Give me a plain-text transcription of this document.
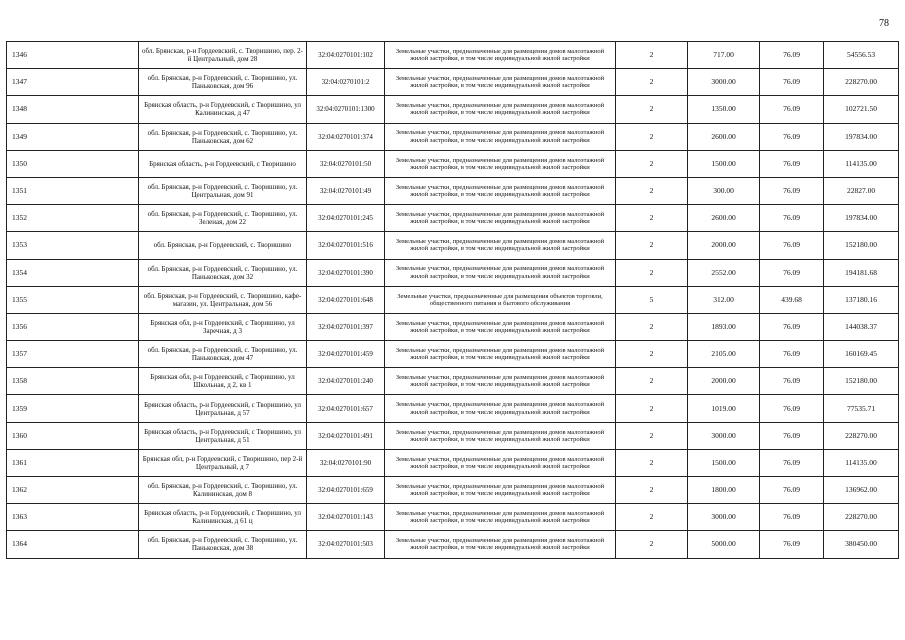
78
1346	обл. Брянская, р-н Гордеевский, с. Творишино, пер. 2-й Центральный, дом 28	32:04:0270101:102	Земельные участки, предназначенные для размещения домов малоэтажной жилой застройки, в том числе индивидуальной жилой застройки	2	717.00	76.09	54556.53
1347	обл. Брянская, р-н Гордеевский, с. Творишино, ул. Паньковская, дом 96	32:04:0270101:2	Земельные участки, предназначенные для размещения домов малоэтажной жилой застройки, в том числе индивидуальной жилой застройки	2	3000.00	76.09	228270.00
1348	Брянская область, р-н Гордеевский, с Творишино, ул Калининская, д 47	32:04:0270101:1300	Земельные участки, предназначенные для размещения домов малоэтажной жилой застройки, в том числе индивидуальной жилой застройки	2	1350.00	76.09	102721.50
1349	обл. Брянская, р-н Гордеевский, с. Творишино, ул. Паньковская, дом 62	32:04:0270101:374	Земельные участки, предназначенные для размещения домов малоэтажной жилой застройки, в том числе индивидуальной жилой застройки	2	2600.00	76.09	197834.00
1350	Брянская область, р-н Гордеевский, с Творишино	32:04:0270101:50	Земельные участки, предназначенные для размещения домов малоэтажной жилой застройки, в том числе индивидуальной жилой застройки	2	1500.00	76.09	114135.00
1351	обл. Брянская, р-н Гордеевский, с. Творишино, ул. Центральная, дом 91	32:04:0270101:49	Земельные участки, предназначенные для размещения домов малоэтажной жилой застройки, в том числе индивидуальной жилой застройки	2	300.00	76.09	22827.00
1352	обл. Брянская, р-н Гордеевский, с. Творишино, ул. Зеленая, дом 22	32:04:0270101:245	Земельные участки, предназначенные для размещения домов малоэтажной жилой застройки, в том числе индивидуальной жилой застройки	2	2600.00	76.09	197834.00
1353	обл. Брянская, р-н Гордеевский, с. Творишино	32:04:0270101:516	Земельные участки, предназначенные для размещения домов малоэтажной жилой застройки, в том числе индивидуальной жилой застройки	2	2000.00	76.09	152180.00
1354	обл. Брянская, р-н Гордеевский, с. Творишино, ул. Паньковская, дом 32	32:04:0270101:390	Земельные участки, предназначенные для размещения домов малоэтажной жилой застройки, в том числе индивидуальной жилой застройки	2	2552.00	76.09	194181.68
1355	обл. Брянская, р-н Гордеевский, с. Творишино, кафе-магазин, ул. Центральная, дом 56	32:04:0270101:648	Земельные участки, предназначенные для размещения объектов торговли, общественного питания и бытового обслуживания	5	312.00	439.68	137180.16
1356	Брянская обл, р-н Гордеевский, с Творишино, ул Заречная, д 3	32:04:0270101:397	Земельные участки, предназначенные для размещения домов малоэтажной жилой застройки, в том числе индивидуальной жилой застройки	2	1893.00	76.09	144038.37
1357	обл. Брянская, р-н Гордеевский, с. Творишино, ул. Паньковская, дом 47	32:04:0270101:459	Земельные участки, предназначенные для размещения домов малоэтажной жилой застройки, в том числе индивидуальной жилой застройки	2	2105.00	76.09	160169.45
1358	Брянская обл, р-н Гордеевский, с Творишино, ул Школьная, д 2, кв 1	32:04:0270101:240	Земельные участки, предназначенные для размещения домов малоэтажной жилой застройки, в том числе индивидуальной жилой застройки	2	2000.00	76.09	152180.00
1359	Брянская область, р-н Гордеевский, с Творишино, ул Центральная, д 57	32:04:0270101:657	Земельные участки, предназначенные для размещения домов малоэтажной жилой застройки, в том числе индивидуальной жилой застройки	2	1019.00	76.09	77535.71
1360	Брянская область, р-н Гордеевский, с Творишино, ул Центральная, д 51	32:04:0270101:491	Земельные участки, предназначенные для размещения домов малоэтажной жилой застройки, в том числе индивидуальной жилой застройки	2	3000.00	76.09	228270.00
1361	Брянская обл, р-н Гордеевский, с Творишино, пер 2-й Центральный, д 7	32:04:0270101:90	Земельные участки, предназначенные для размещения домов малоэтажной жилой застройки, в том числе индивидуальной жилой застройки	2	1500.00	76.09	114135.00
1362	обл. Брянская, р-н Гордеевский, с. Творишино, ул. Калининская, дом 8	32:04:0270101:659	Земельные участки, предназначенные для размещения домов малоэтажной жилой застройки, в том числе индивидуальной жилой застройки	2	1800.00	76.09	136962.00
1363	Брянская область, р-н Гордеевский, с Творишино, ул Калининская, д 61 ц	32:04:0270101:143	Земельные участки, предназначенные для размещения домов малоэтажной жилой застройки, в том числе индивидуальной жилой застройки	2	3000.00	76.09	228270.00
1364	обл. Брянская, р-н Гордеевский, с. Творишино, ул. Паньковская, дом 38	32:04:0270101:503	Земельные участки, предназначенные для размещения домов малоэтажной жилой застройки, в том числе индивидуальной жилой застройки	2	5000.00	76.09	380450.00
